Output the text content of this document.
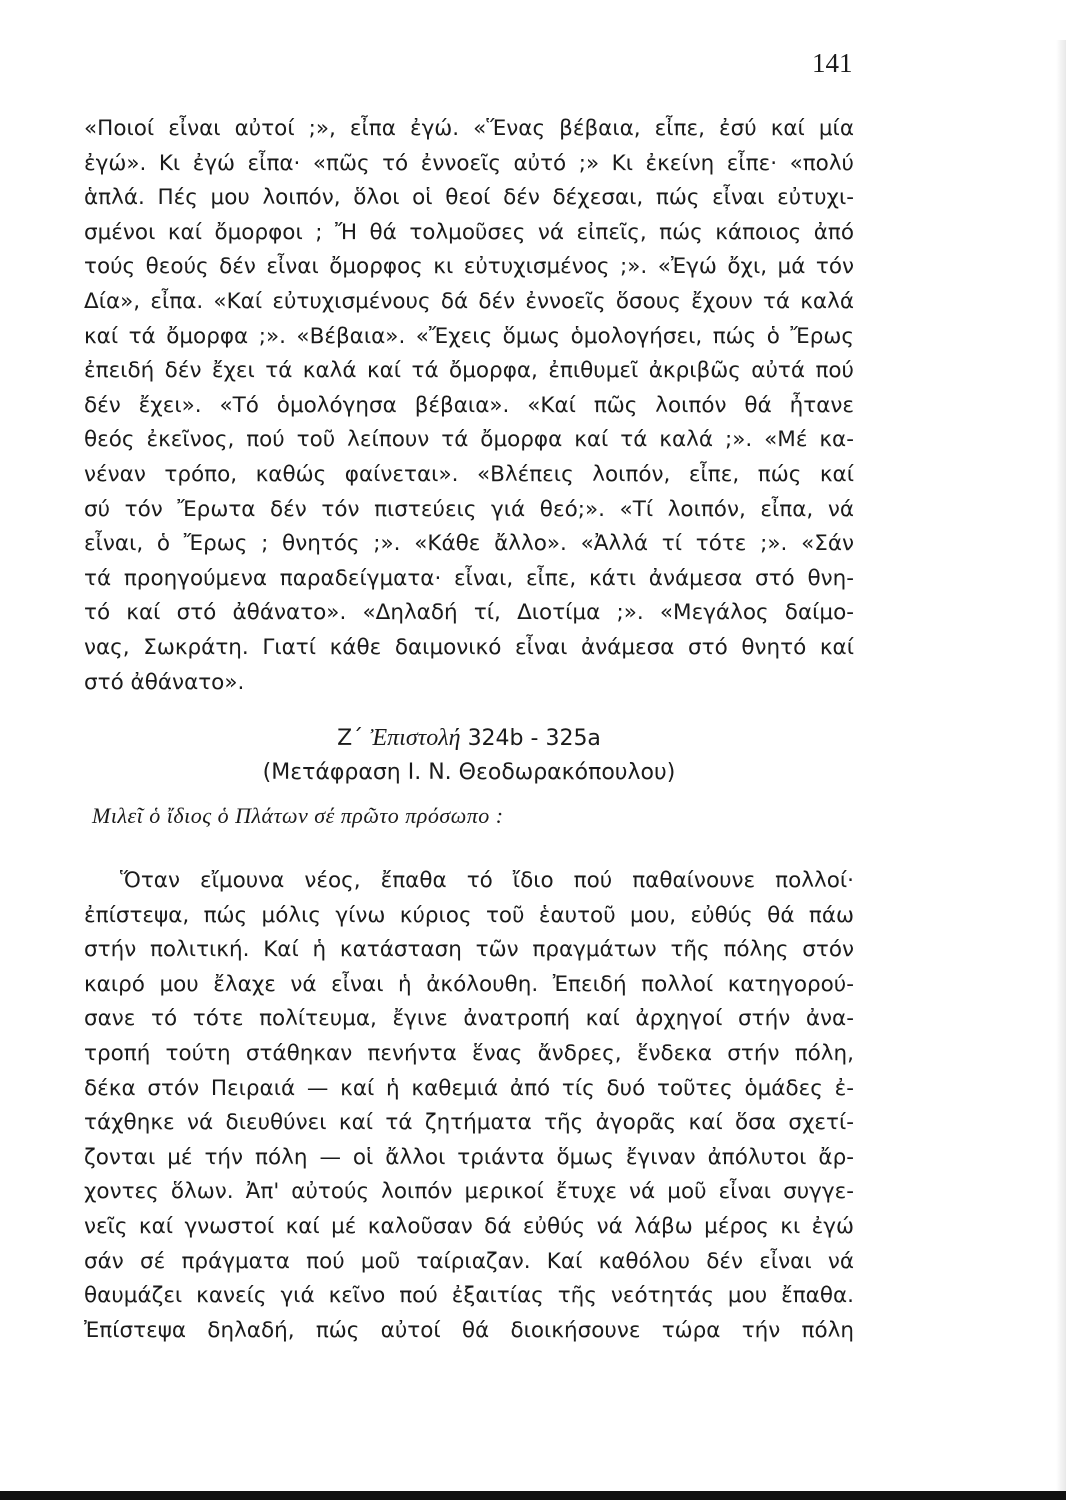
141
«Ποιοί εἶναι αὐτοί ;», εἶπα ἐγώ. «Ἕνας βέβαια, εἶπε, ἐσύ καί μία
ἐγώ». Κι ἐγώ εἶπα· «πῶς τό ἐννοεῖς αὐτό ;» Κι ἐκείνη εἶπε· «πολύ
ἁπλά. Πές μου λοιπόν, ὅλοι οἱ θεοί δέν δέχεσαι, πώς εἶναι εὐτυχι-
σμένοι καί ὄμορφοι ; Ἤ θά τολμοῦσες νά εἰπεῖς, πώς κάποιος ἀπό
τούς θεούς δέν εἶναι ὄμορφος κι εὐτυχισμένος ;». «Ἐγώ ὄχι, μά τόν
Δία», εἶπα. «Καί εὐτυχισμένους δά δέν ἐννοεῖς ὅσους ἔχουν τά καλά
καί τά ὄμορφα ;». «Βέβαια». «Ἔχεις ὅμως ὁμολογήσει, πώς ὁ Ἔρως
ἐπειδή δέν ἔχει τά καλά καί τά ὄμορφα, ἐπιθυμεῖ ἀκριβῶς αὐτά πού
δέν ἔχει». «Τό ὁμολόγησα βέβαια». «Καί πῶς λοιπόν θά ἦτανε
θεός ἐκεῖνος, πού τοῦ λείπουν τά ὄμορφα καί τά καλά ;». «Μέ κα-
νέναν τρόπο, καθώς φαίνεται». «Βλέπεις λοιπόν, εἶπε, πώς καί
σύ τόν Ἔρωτα δέν τόν πιστεύεις γιά θεό;». «Τί λοιπόν, εἶπα, νά
εἶναι, ὁ Ἔρως ; θνητός ;». «Κάθε ἄλλο». «Ἀλλά τί τότε ;». «Σάν
τά προηγούμενα παραδείγματα· εἶναι, εἶπε, κάτι ἀνάμεσα στό θνη-
τό καί στό ἀθάνατο». «Δηλαδή τί, Διοτίμα ;». «Μεγάλος δαίμο-
νας, Σωκράτη. Γιατί κάθε δαιμονικό εἶναι ἀνάμεσα στό θνητό καί
στό ἀθάνατο».
Ζ΄ Ἐπιστολή 324b - 325a
(Μετάφραση Ι. Ν. Θεοδωρακόπουλου)
Μιλεῖ ὁ ἴδιος ὁ Πλάτων σέ πρῶτο πρόσωπο :
Ὅταν εἴμουνα νέος, ἔπαθα τό ἴδιο πού παθαίνουνε πολλοί·
ἐπίστεψα, πώς μόλις γίνω κύριος τοῦ ἑαυτοῦ μου, εὐθύς θά πάω
στήν πολιτική. Καί ἡ κατάσταση τῶν πραγμάτων τῆς πόλης στόν
καιρό μου ἔλαχε νά εἶναι ἡ ἀκόλουθη. Ἐπειδή πολλοί κατηγορού-
σανε τό τότε πολίτευμα, ἔγινε ἀνατροπή καί ἀρχηγοί στήν ἀνα-
τροπή τούτη στάθηκαν πενήντα ἕνας ἄνδρες, ἕνδεκα στήν πόλη,
δέκα στόν Πειραιά — καί ἡ καθεμιά ἀπό τίς δυό τοῦτες ὁμάδες ἐ-
τάχθηκε νά διευθύνει καί τά ζητήματα τῆς ἀγορᾶς καί ὅσα σχετί-
ζονται μέ τήν πόλη — οἱ ἄλλοι τριάντα ὅμως ἔγιναν ἀπόλυτοι ἄρ-
χοντες ὅλων. Ἀπ' αὐτούς λοιπόν μερικοί ἔτυχε νά μοῦ εἶναι συγγε-
νεῖς καί γνωστοί καί μέ καλοῦσαν δά εὐθύς νά λάβω μέρος κι ἐγώ
σάν σέ πράγματα πού μοῦ ταίριαζαν. Καί καθόλου δέν εἶναι νά
θαυμάζει κανείς γιά κεῖνο πού ἐξαιτίας τῆς νεότητάς μου ἔπαθα.
Ἐπίστεψα δηλαδή, πώς αὐτοί θά διοικήσουνε τώρα τήν πόλη
